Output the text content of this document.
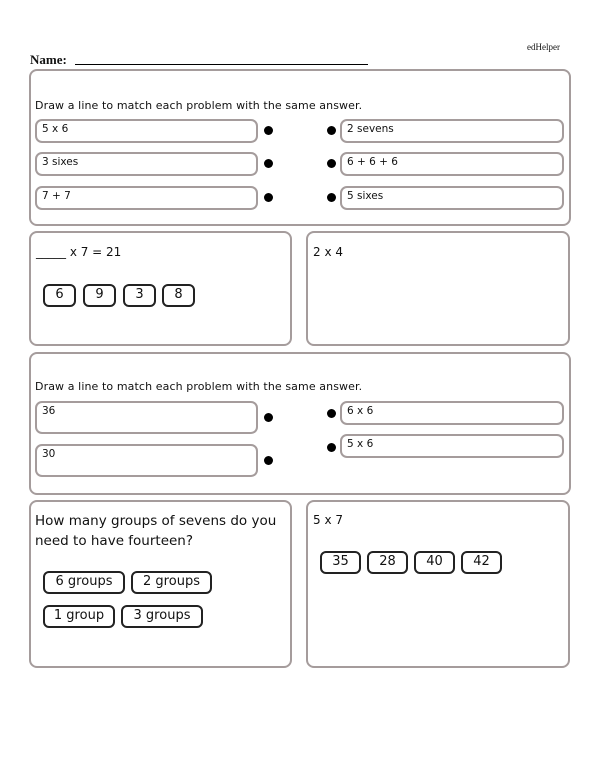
edHelper
Name:
Draw a line to match each problem with the same answer.
5 x 6
3 sixes
7 + 7
2 sevens
6 + 6 + 6
5 sixes
_____ x 7 = 21
6	9	3	8
2 x 4
Draw a line to match each problem with the same answer.
36
30
6 x 6
5 x 6
How many groups of sevens do you
need to have fourteen?
6 groups	2 groups
1 group	3 groups
5 x 7
35	28	40	42
